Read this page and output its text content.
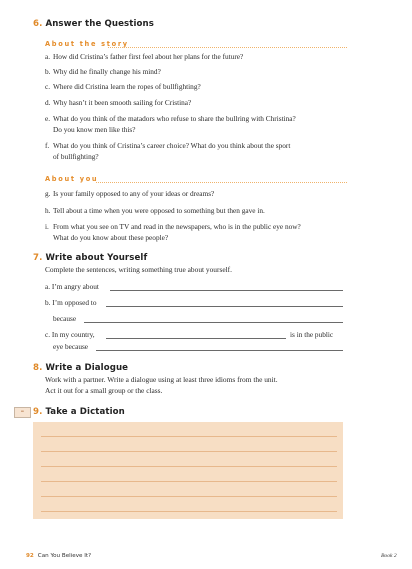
6. Answer the Questions
About the story
a. How did Cristina’s father first feel about her plans for the future?
b. Why did he finally change his mind?
c. Where did Cristina learn the ropes of bullfighting?
d. Why hasn’t it been smooth sailing for Cristina?
e. What do you think of the matadors who refuse to share the bullring with Christina?
Do you know men like this?
f. What do you think of Cristina’s career choice? What do you think about the sport
of bullfighting?
About you
g. Is your family opposed to any of your ideas or dreams?
h. Tell about a time when you were opposed to something but then gave in.
i. From what you see on TV and read in the newspapers, who is in the public eye now?
What do you know about these people?
7. Write about Yourself
Complete the sentences, writing something true about yourself.
a. I’m angry about
b. I’m opposed to
because
c. In my country,	is in the public
eye because
8. Write a Dialogue
Work with a partner. Write a dialogue using at least three idioms from the unit.
Act it out for a small group or the class.
≡	9. Take a Dictation
92 Can You Believe It?	Book 2
